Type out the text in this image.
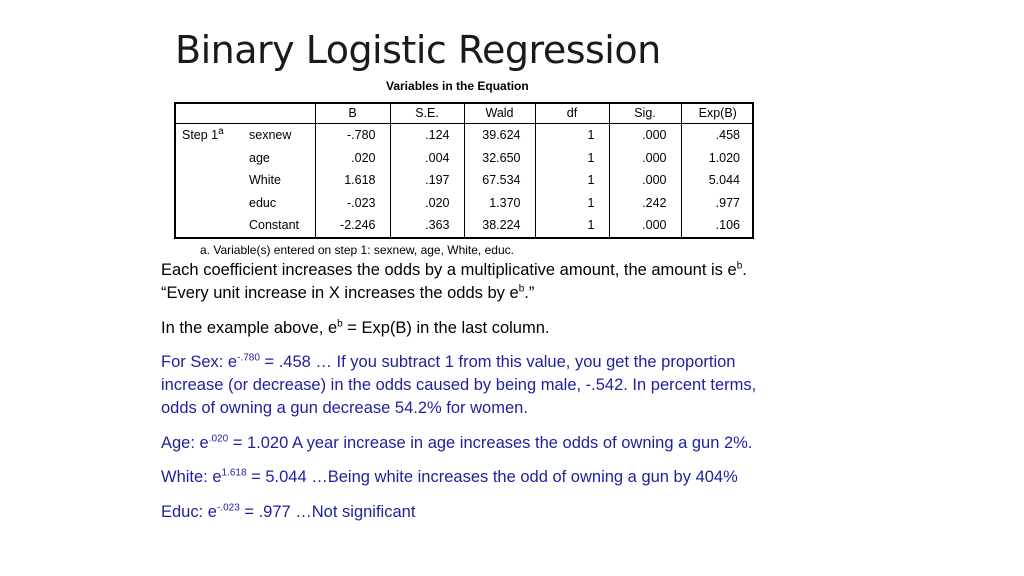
Binary Logistic Regression
Variables in the Equation
		B	S.E.	Wald	df	Sig.	Exp(B)
Step 1$^a$	sexnew	-.780	.124	39.624	1	.000	.458
	age	.020	.004	32.650	1	.000	1.020
	White	1.618	.197	67.534	1	.000	5.044
	educ	-.023	.020	1.370	1	.242	.977
	Constant	-2.246	.363	38.224	1	.000	.106
a. Variable(s) entered on step 1: sexnew, age, White, educ.
Each coefficient increases the odds by a multiplicative amount, the amount is $e^b$.
“Every unit increase in X increases the odds by $e^b$.”
In the example above, $e^b = Exp(B)$ in the last column.
For Sex: $e^{-.780} = .458$ … If you subtract 1 from this value, you get the proportion
increase (or decrease) in the odds caused by being male, -.542. In percent terms,
odds of owning a gun decrease 54.2% for women.
Age: $e^{.020} = 1.020$ A year increase in age increases the odds of owning a gun 2%.
White: $e^{1.618} = 5.044$ …Being white increases the odd of owning a gun by 404%
Educ: $e^{-.023} = .977$ …Not significant
